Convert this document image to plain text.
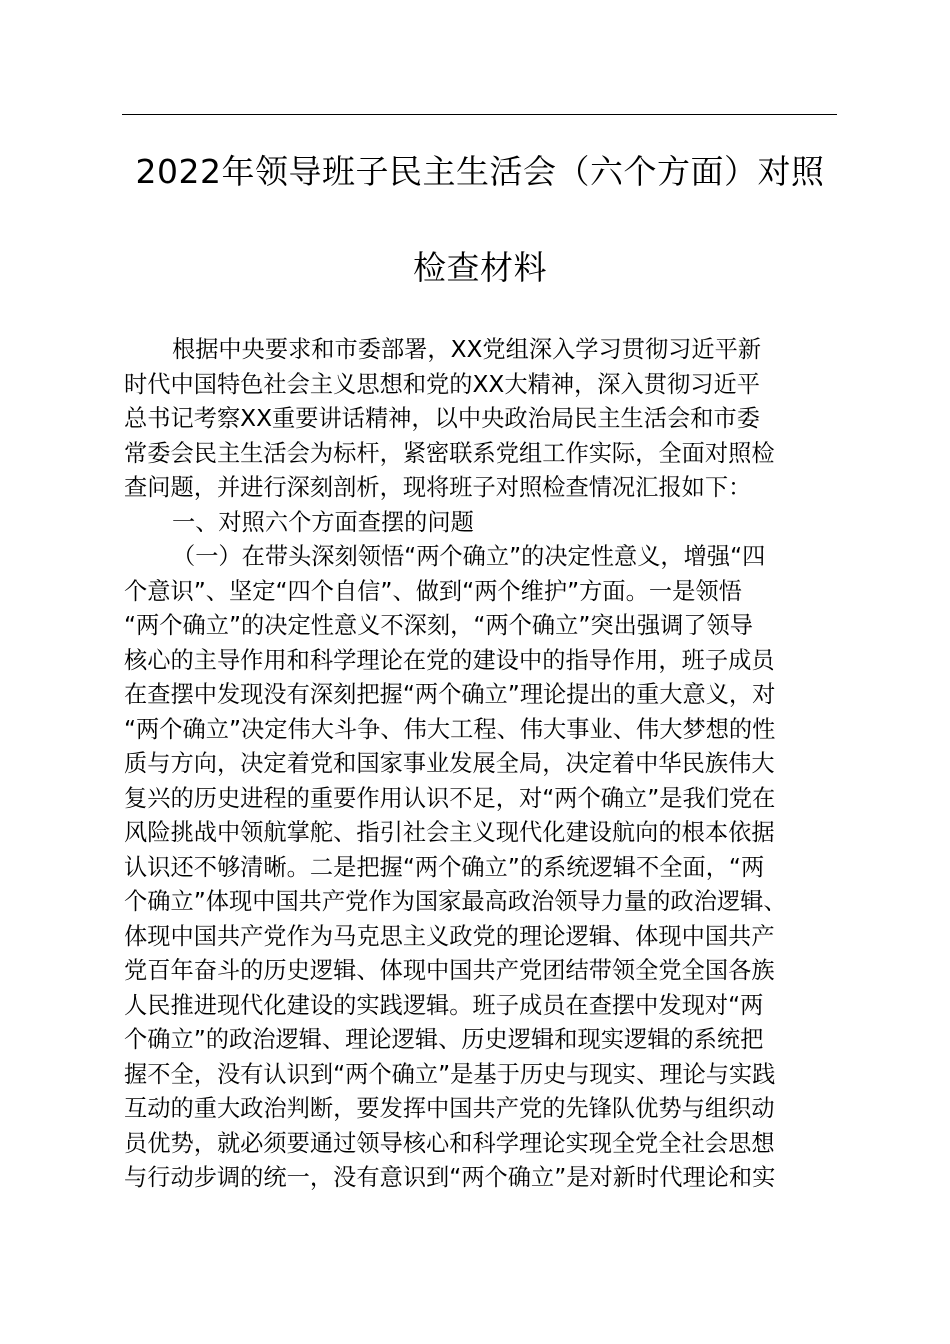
2022年领导班子民主生活会（六个方面）对照
检查材料
根据中央要求和市委部署，XX党组深入学习贯彻习近平新
时代中国特色社会主义思想和党的XX大精神，深入贯彻习近平
总书记考察XX重要讲话精神，以中央政治局民主生活会和市委
常委会民主生活会为标杆，紧密联系党组工作实际，全面对照检
查问题，并进行深刻剖析，现将班子对照检查情况汇报如下：
一、对照六个方面查摆的问题
（一）在带头深刻领悟“两个确立”的决定性意义，增强“四
个意识”、坚定“四个自信”、做到“两个维护”方面。一是领悟
“两个确立”的决定性意义不深刻，“两个确立”突出强调了领导
核心的主导作用和科学理论在党的建设中的指导作用，班子成员
在查摆中发现没有深刻把握“两个确立”理论提出的重大意义，对
“两个确立”决定伟大斗争、伟大工程、伟大事业、伟大梦想的性
质与方向，决定着党和国家事业发展全局，决定着中华民族伟大
复兴的历史进程的重要作用认识不足，对“两个确立”是我们党在
风险挑战中领航掌舵、指引社会主义现代化建设航向的根本依据
认识还不够清晰。二是把握“两个确立”的系统逻辑不全面，“两
个确立”体现中国共产党作为国家最高政治领导力量的政治逻辑、
体现中国共产党作为马克思主义政党的理论逻辑、体现中国共产
党百年奋斗的历史逻辑、体现中国共产党团结带领全党全国各族
人民推进现代化建设的实践逻辑。班子成员在查摆中发现对“两
个确立”的政治逻辑、理论逻辑、历史逻辑和现实逻辑的系统把
握不全，没有认识到“两个确立”是基于历史与现实、理论与实践
互动的重大政治判断，要发挥中国共产党的先锋队优势与组织动
员优势，就必须要通过领导核心和科学理论实现全党全社会思想
与行动步调的统一，没有意识到“两个确立”是对新时代理论和实
